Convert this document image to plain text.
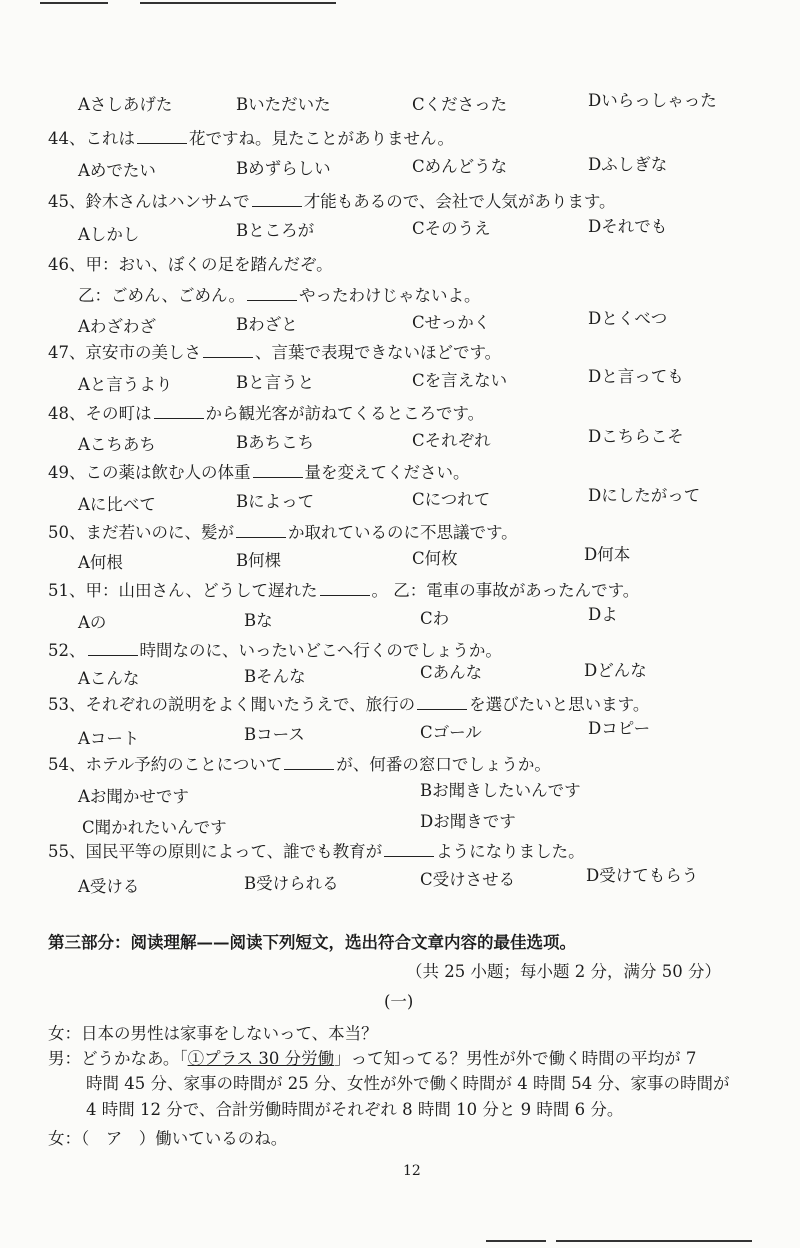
Aさしあげた	Bいただいた	Cくださった	Dいらっしゃった
44、これは	花ですね。見たことがありません。
Aめでたい	Bめずらしい	Cめんどうな	Dふしぎな
45、鈴木さんはハンサムで	才能もあるので、会社で人気があります。
Aしかし	Bところが	Cそのうえ	Dそれでも
46、甲：おい、ぼくの足を踏んだぞ。
乙：ごめん、ごめん。	やったわけじゃないよ。
Aわざわざ	Bわざと	Cせっかく	Dとくべつ
47、京安市の美しさ	、言葉で表現できないほどです。
Aと言うより	Bと言うと	Cを言えない	Dと言っても
48、その町は	から観光客が訪ねてくるところです。
Aこちあち	Bあちこち	Cそれぞれ	Dこちらこそ
49、この薬は飲む人の体重	量を変えてください。
Aに比べて	Bによって	Cにつれて	Dにしたがって
50、まだ若いのに、髪が	か取れているのに不思議です。
A何根	B何棵	C何枚	D何本
51、甲：山田さん、どうして遅れた	。 乙：電車の事故があったんです。
Aの	Bな	Cわ	Dよ
52、	時間なのに、いったいどこへ行くのでしょうか。
Aこんな	Bそんな	Cあんな	Dどんな
53、それぞれの説明をよく聞いたうえで、旅行の	を選びたいと思います。
Aコート	Bコース	Cゴール	Dコピー
54、ホテル予約のことについて	が、何番の窓口でしょうか。
Aお聞かせです	Bお聞きしたいんです
C聞かれたいんです	Dお聞きです
55、国民平等の原則によって、誰でも教育が	ようになりました。
A受ける	B受けられる	C受けさせる	D受けてもらう
第三部分：阅读理解——阅读下列短文，选出符合文章内容的最佳选项。
（共 25 小题；每小题 2 分，满分 50 分）
(一)
女：日本の男性は家事をしないって、本当？
男：どうかなあ。「①プラス 30 分労働」って知ってる？男性が外で働く時間の平均が 7
時間 45 分、家事の時間が 25 分、女性が外で働く時間が 4 時間 54 分、家事の時間が
4 時間 12 分で、合計労働時間がそれぞれ 8 時間 10 分と 9 時間 6 分。
女：（　ア　）働いているのね。
12
